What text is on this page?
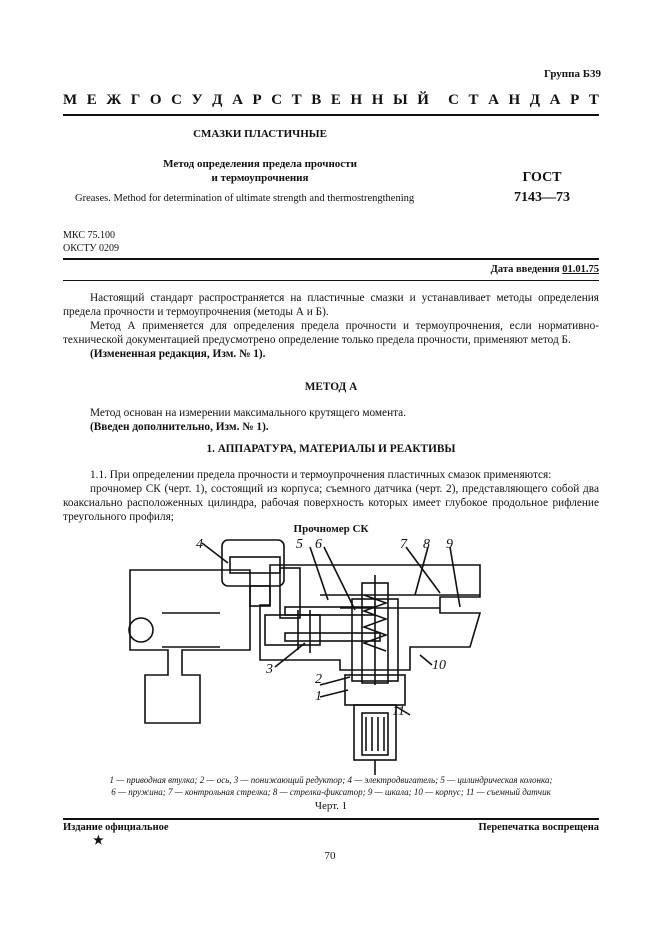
Группа Б39
М Е Ж Г О С У Д А Р С Т В Е Н Н Ы Й С Т А Н Д А Р Т
СМАЗКИ ПЛАСТИЧНЫЕ
Метод определения предела прочности
и термоупрочнения	ГОСТ
7143—73
Greases. Method for determination of ultimate strength and thermostrengthening
МКС 75.100
ОКСТУ 0209
Дата введения 01.01.75

Настоящий стандарт распространяется на пластичные смазки и устанавливает методы определения предела прочности и термоупрочнения (методы А и Б).

Метод А применяется для определения предела прочности и термоупрочнения, если нормативно-технической документацией предусмотрено определение только предела прочности, применяют метод Б.

(Измененная редакция, Изм. № 1).

МЕТОД А

Метод основан на измерении максимального крутящего момента.

(Введен дополнительно, Изм. № 1).

1. АППАРАТУРА, МАТЕРИАЛЫ И РЕАКТИВЫ

1.1. При определении предела прочности и термоупрочнения пластичных смазок применяются:

прочномер СК (черт. 1), состоящий из корпуса; съемного датчика (черт. 2), представляющего собой два коаксиально расположенных цилиндра, рабочая поверхность которых имеет глубокое продольное рифление треугольного профиля;

Прочномер СК
4	5 6	7 8 9
10
11
3
2
1
1 — приводная втулка; 2 — ось, 3 — понижающий редуктор; 4 — электродвигатель; 5 — цилиндрическая колонка;
6 — пружина; 7 — контрольная стрелка; 8 — стрелка-фиксатор; 9 — шкала; 10 — корпус; 11 — съемный датчик
Черт. 1
Издание официальное
★
Перепечатка воспрещена
70
